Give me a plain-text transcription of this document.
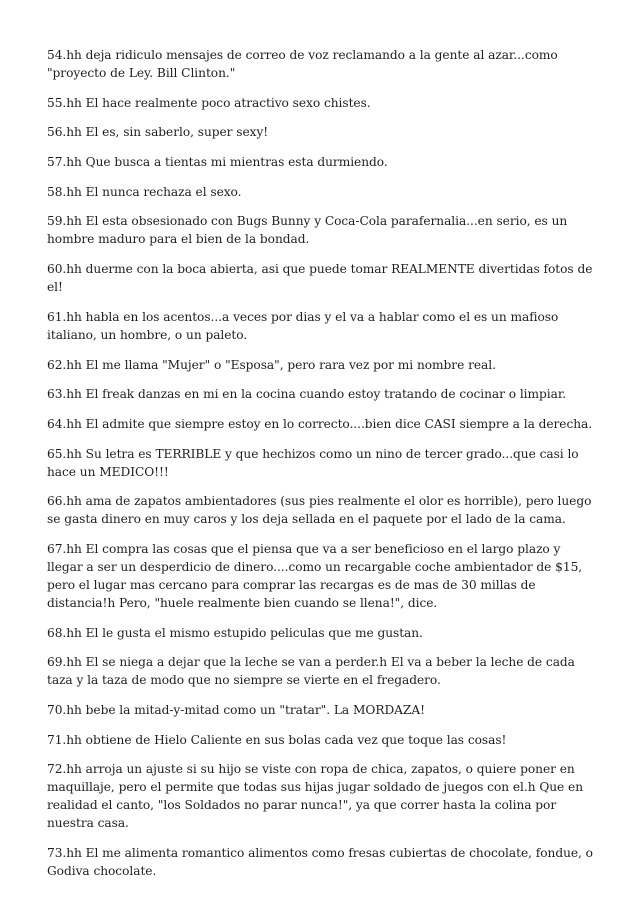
54.hh deja ridiculo mensajes de correo de voz reclamando a la gente al azar...como "proyecto de Ley. Bill Clinton."

55.hh El hace realmente poco atractivo sexo chistes.

56.hh El es, sin saberlo, super sexy!

57.hh Que busca a tientas mi mientras esta durmiendo.

58.hh El nunca rechaza el sexo.

59.hh El esta obsesionado con Bugs Bunny y Coca-Cola parafernalia...en serio, es un hombre maduro para el bien de la bondad.

60.hh duerme con la boca abierta, asi que puede tomar REALMENTE divertidas fotos de el!

61.hh habla en los acentos...a veces por dias y el va a hablar como el es un mafioso italiano, un hombre, o un paleto.

62.hh El me llama "Mujer" o "Esposa", pero rara vez por mi nombre real.

63.hh El freak danzas en mi en la cocina cuando estoy tratando de cocinar o limpiar.

64.hh El admite que siempre estoy en lo correcto....bien dice CASI siempre a la derecha.

65.hh Su letra es TERRIBLE y que hechizos como un nino de tercer grado...que casi lo hace un MEDICO!!!

66.hh ama de zapatos ambientadores (sus pies realmente el olor es horrible), pero luego se gasta dinero en muy caros y los deja sellada en el paquete por el lado de la cama.

67.hh El compra las cosas que el piensa que va a ser beneficioso en el largo plazo y llegar a ser un desperdicio de dinero....como un recargable coche ambientador de $15, pero el lugar mas cercano para comprar las recargas es de mas de 30 millas de distancia!h Pero, "huele realmente bien cuando se llena!", dice.

68.hh El le gusta el mismo estupido peliculas que me gustan.

69.hh El se niega a dejar que la leche se van a perder.h El va a beber la leche de cada taza y la taza de modo que no siempre se vierte en el fregadero.

70.hh bebe la mitad-y-mitad como un "tratar". La MORDAZA!

71.hh obtiene de Hielo Caliente en sus bolas cada vez que toque las cosas!

72.hh arroja un ajuste si su hijo se viste con ropa de chica, zapatos, o quiere poner en maquillaje, pero el permite que todas sus hijas jugar soldado de juegos con el.h Que en realidad el canto, "los Soldados no parar nunca!", ya que correr hasta la colina por nuestra casa.

73.hh El me alimenta romantico alimentos como fresas cubiertas de chocolate, fondue, o Godiva chocolate.
